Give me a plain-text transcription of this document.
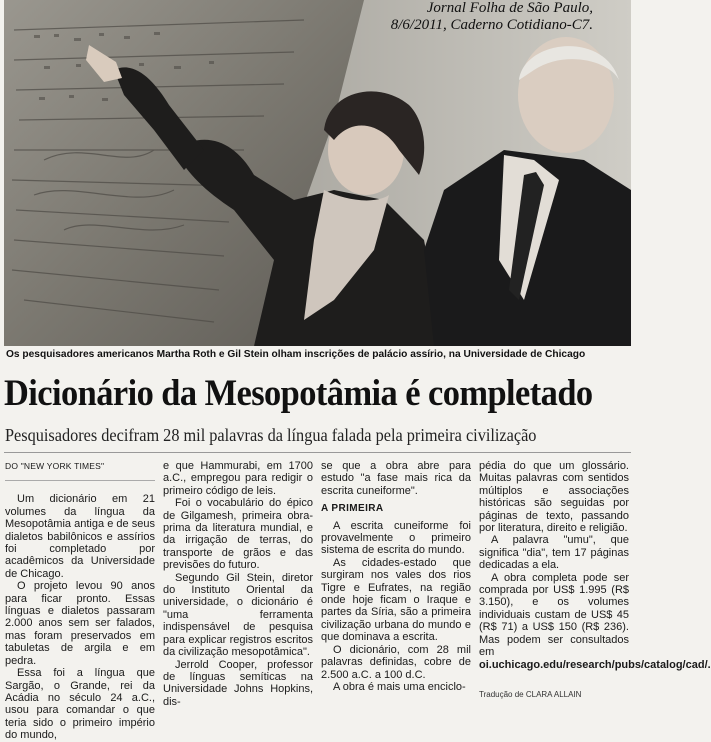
Jornal Folha de São Paulo,
8/6/2011, Caderno Cotidiano-C7.
Os pesquisadores americanos Martha Roth e Gil Stein olham inscrições de palácio assírio, na Universidade de Chicago
Dicionário da Mesopotâmia é completado
Pesquisadores decifram 28 mil palavras da língua falada pela primeira civilização

DO "NEW YORK TIMES"

Um dicionário em 21 volumes da língua da Mesopotâmia antiga e de seus dialetos babilônicos e assírios foi completado por acadêmicos da Universidade de Chicago.

O projeto levou 90 anos para ficar pronto. Essas línguas e dialetos passaram 2.000 anos sem ser falados, mas foram preservados em tabuletas de argila e em pedra.

Essa foi a língua que Sargão, o Grande, rei da Acádia no século 24 a.C., usou para comandar o que teria sido o primeiro império do mundo,

e que Hammurabi, em 1700 a.C., empregou para redigir o primeiro código de leis.

Foi o vocabulário do épico de Gilgamesh, primeira obra-prima da literatura mundial, e da irrigação de terras, do transporte de grãos e das previsões do futuro.

Segundo Gil Stein, diretor do Instituto Oriental da universidade, o dicionário é "uma ferramenta indispensável de pesquisa para explicar registros escritos da civilização mesopotâmica".

Jerrold Cooper, professor de línguas semíticas na Universidade Johns Hopkins, dis-

se que a obra abre para estudo "a fase mais rica da escrita cuneiforme".

A PRIMEIRA

A escrita cuneiforme foi provavelmente o primeiro sistema de escrita do mundo.

As cidades-estado que surgiram nos vales dos rios Tigre e Eufrates, na região onde hoje ficam o Iraque e partes da Síria, são a primeira civilização urbana do mundo e que dominava a escrita.

O dicionário, com 28 mil palavras definidas, cobre de 2.500 a.C. a 100 d.C.

A obra é mais uma enciclo-

pédia do que um glossário. Muitas palavras com sentidos múltiplos e associações históricas são seguidas por páginas de texto, passando por literatura, direito e religião.

A palavra "umu", que significa "dia", tem 17 páginas dedicadas a ela.

A obra completa pode ser comprada por US$ 1.995 (R$ 3.150), e os volumes individuais custam de US$ 45 (R$ 71) a US$ 150 (R$ 236). Mas podem ser consultados em

oi.uchicago.edu/research/pubs/catalog/cad/.

Tradução de CLARA ALLAIN
